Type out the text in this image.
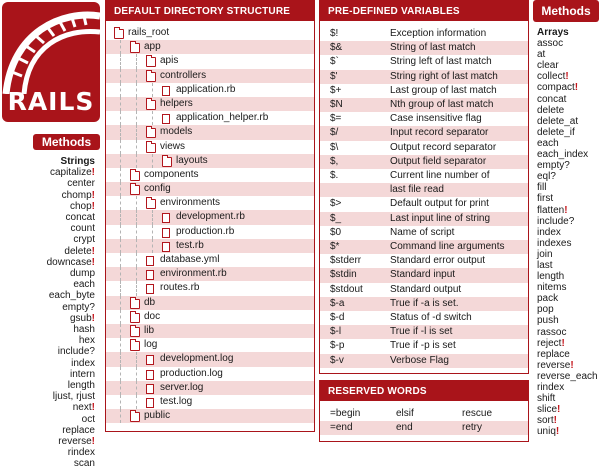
RAILS
Methods
Strings
capitalize!
center
chomp!
chop!
concat
count
crypt
delete!
downcase!
dump
each
each_byte
empty?
gsub!
hash
hex
include?
index
intern
length
ljust, rjust
next!
oct
replace
reverse!
rindex
scan
DEFAULT DIRECTORY STRUCTURE
rails_root
app
apis
controllers
application.rb
helpers
application_helper.rb
models
views
layouts
components
config
environments
development.rb
production.rb
test.rb
database.yml
environment.rb
routes.rb
db
doc
lib
log
development.log
production.log
server.log
test.log
public
PRE-DEFINED VARIABLES
$!	Exception information
$&	String of last match
$`	String left of last match
$'	String right of last match
$+	Last group of last match
$N	Nth group of last match
$=	Case insensitive flag
$/	Input record separator
$\	Output record separator
$,	Output field separator
$.	Current line number of
last file read
$>	Default output for print
$_	Last input line of string
$0	Name of script
$*	Command line arguments
$stderr	Standard error output
$stdin	Standard input
$stdout	Standard output
$-a	True if -a is set.
$-d	Status of -d switch
$-l	True if -l is set
$-p	True if -p is set
$-v	Verbose Flag
RESERVED WORDS
=begin	elsif	rescue
=end	end	retry
Methods
Arrays
assoc
at
clear
collect!
compact!
concat
delete
delete_at
delete_if
each
each_index
empty?
eql?
fill
first
flatten!
include?
index
indexes
join
last
length
nitems
pack
pop
push
rassoc
reject!
replace
reverse!
reverse_each
rindex
shift
slice!
sort!
uniq!
